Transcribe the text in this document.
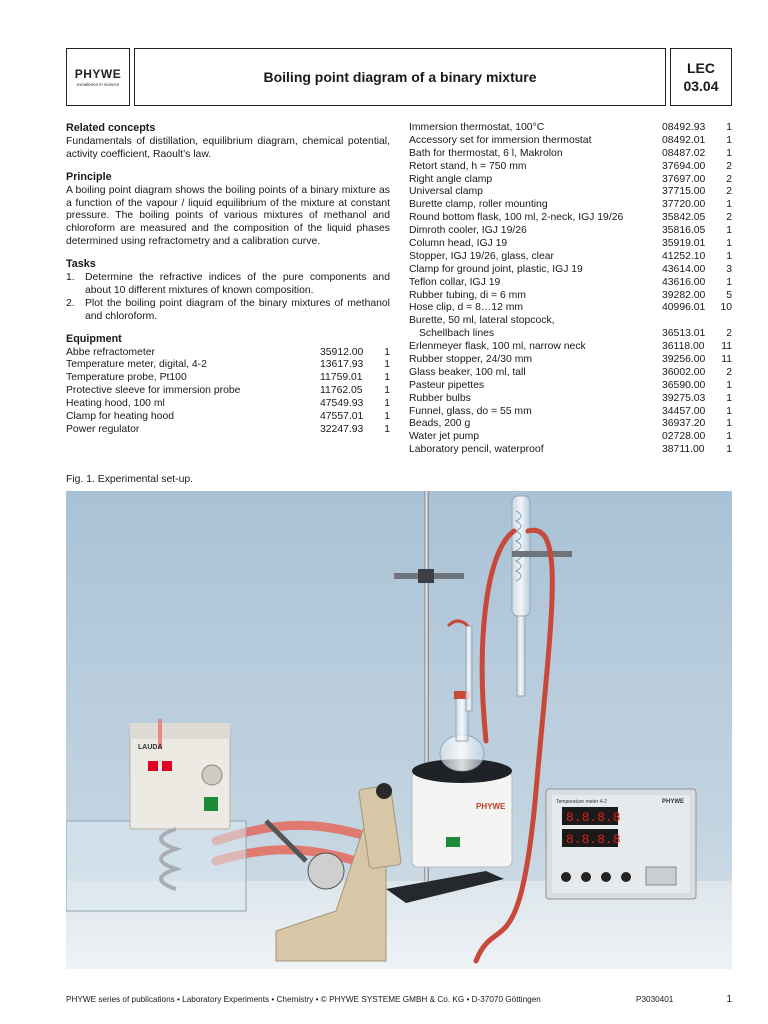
PHYWE
excellence in science	Boiling point diagram of a binary mixture
LEC
03.04
Related concepts
Fundamentals of distillation, equilibrium diagram, chemical potential, activity coefficient, Raoult’s law.
Principle
A boiling point diagram shows the boiling points of a binary mixture as a function of the vapour / liquid equilibrium of the mixture at constant pressure. The boiling points of various mixtures of methanol and chloroform are measured and the composition of the liquid phases determined using refractometry and a calibration curve.
Tasks
1. Determine the refractive indices of the pure components and about 10 different mixtures of known composition.
2. Plot the boiling point diagram of the binary mixtures of methanol and chloroform.
Equipment
Abbe refractometer	35912.00	1
Temperature meter, digital, 4-2	13617.93	1
Temperature probe, Pt100	11759.01	1
Protective sleeve for immersion probe	11762.05	1
Heating hood, 100 ml	47549.93	1
Clamp for heating hood	47557.01	1
Power regulator	32247.93	1
Immersion thermostat, 100°C	08492.93	1
Accessory set for immersion thermostat	08492.01	1
Bath for thermostat, 6 l, Makrolon	08487.02	1
Retort stand, h = 750 mm	37694.00	2
Right angle clamp	37697.00	2
Universal clamp	37715.00	2
Burette clamp, roller mounting	37720.00	1
Round bottom flask, 100 ml, 2-neck, IGJ 19/26	35842.05	2
Dimroth cooler, IGJ 19/26	35816.05	1
Column head, IGJ 19	35919.01	1
Stopper, IGJ 19/26, glass, clear	41252.10	1
Clamp for ground joint, plastic, IGJ 19	43614.00	3
Teflon collar, IGJ 19	43616.00	1
Rubber tubing, di = 6 mm	39282.00	5
Hose clip, d = 8…12 mm	40996.01	10
Burette, 50 ml, lateral stopcock,
Schellbach lines	36513.01	2
Erlenmeyer flask, 100 ml, narrow neck	36118.00	11
Rubber stopper, 24/30 mm	39256.00	11
Glass beaker, 100 ml, tall	36002.00	2
Pasteur pipettes	36590.00	1
Rubber bulbs	39275.03	1
Funnel, glass, do = 55 mm	34457.00	1
Beads, 200 g	36937.20	1
Water jet pump	02728.00	1
Laboratory pencil, waterproof	38711.00	1
Fig. 1. Experimental set-up.
PHYWE
LAUDA
Temperature meter 4-2	PHYWE
8.8.8.8
8.8.8.8
PHYWE series of publications • Laboratory Experiments • Chemistry • © PHYWE SYSTEME GMBH & Co. KG • D-37070 Göttingen	P3030401	1
